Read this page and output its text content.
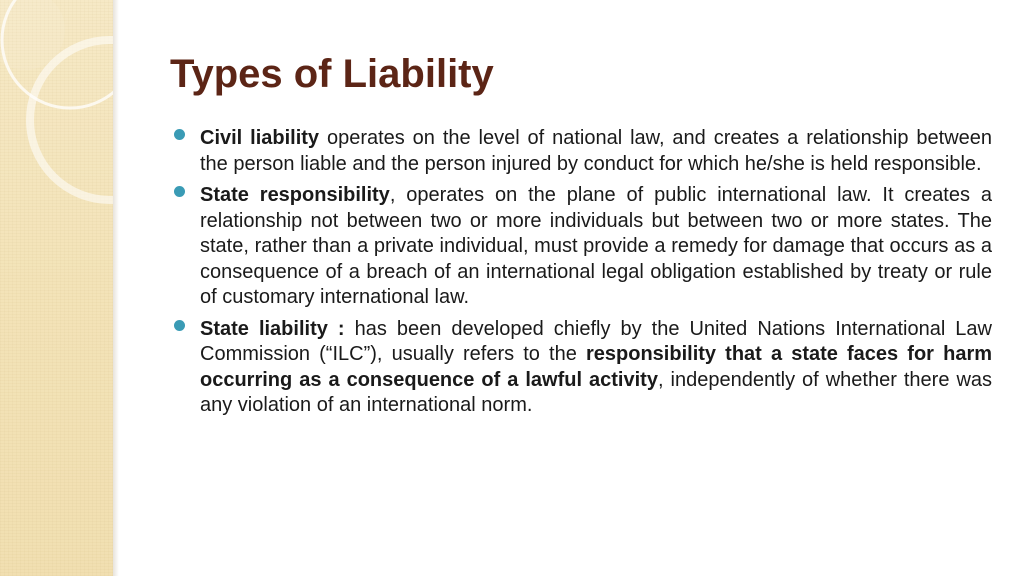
Types of Liability
Civil liability operates on the level of national law, and creates a relationship between the person liable and the person injured by conduct for which he/she is held responsible.
State responsibility, operates on the plane of public international law. It creates a relationship not between two or more individuals but between two or more states. The state, rather than a private individual, must provide a remedy for damage that occurs as a consequence of a breach of an international legal obligation established by treaty or rule of customary international law.
State liability : has been developed chiefly by the United Nations International Law Commission (“ILC”), usually refers to the responsibility that a state faces for harm occurring as a consequence of a lawful activity, independently of whether there was any violation of an international norm.
